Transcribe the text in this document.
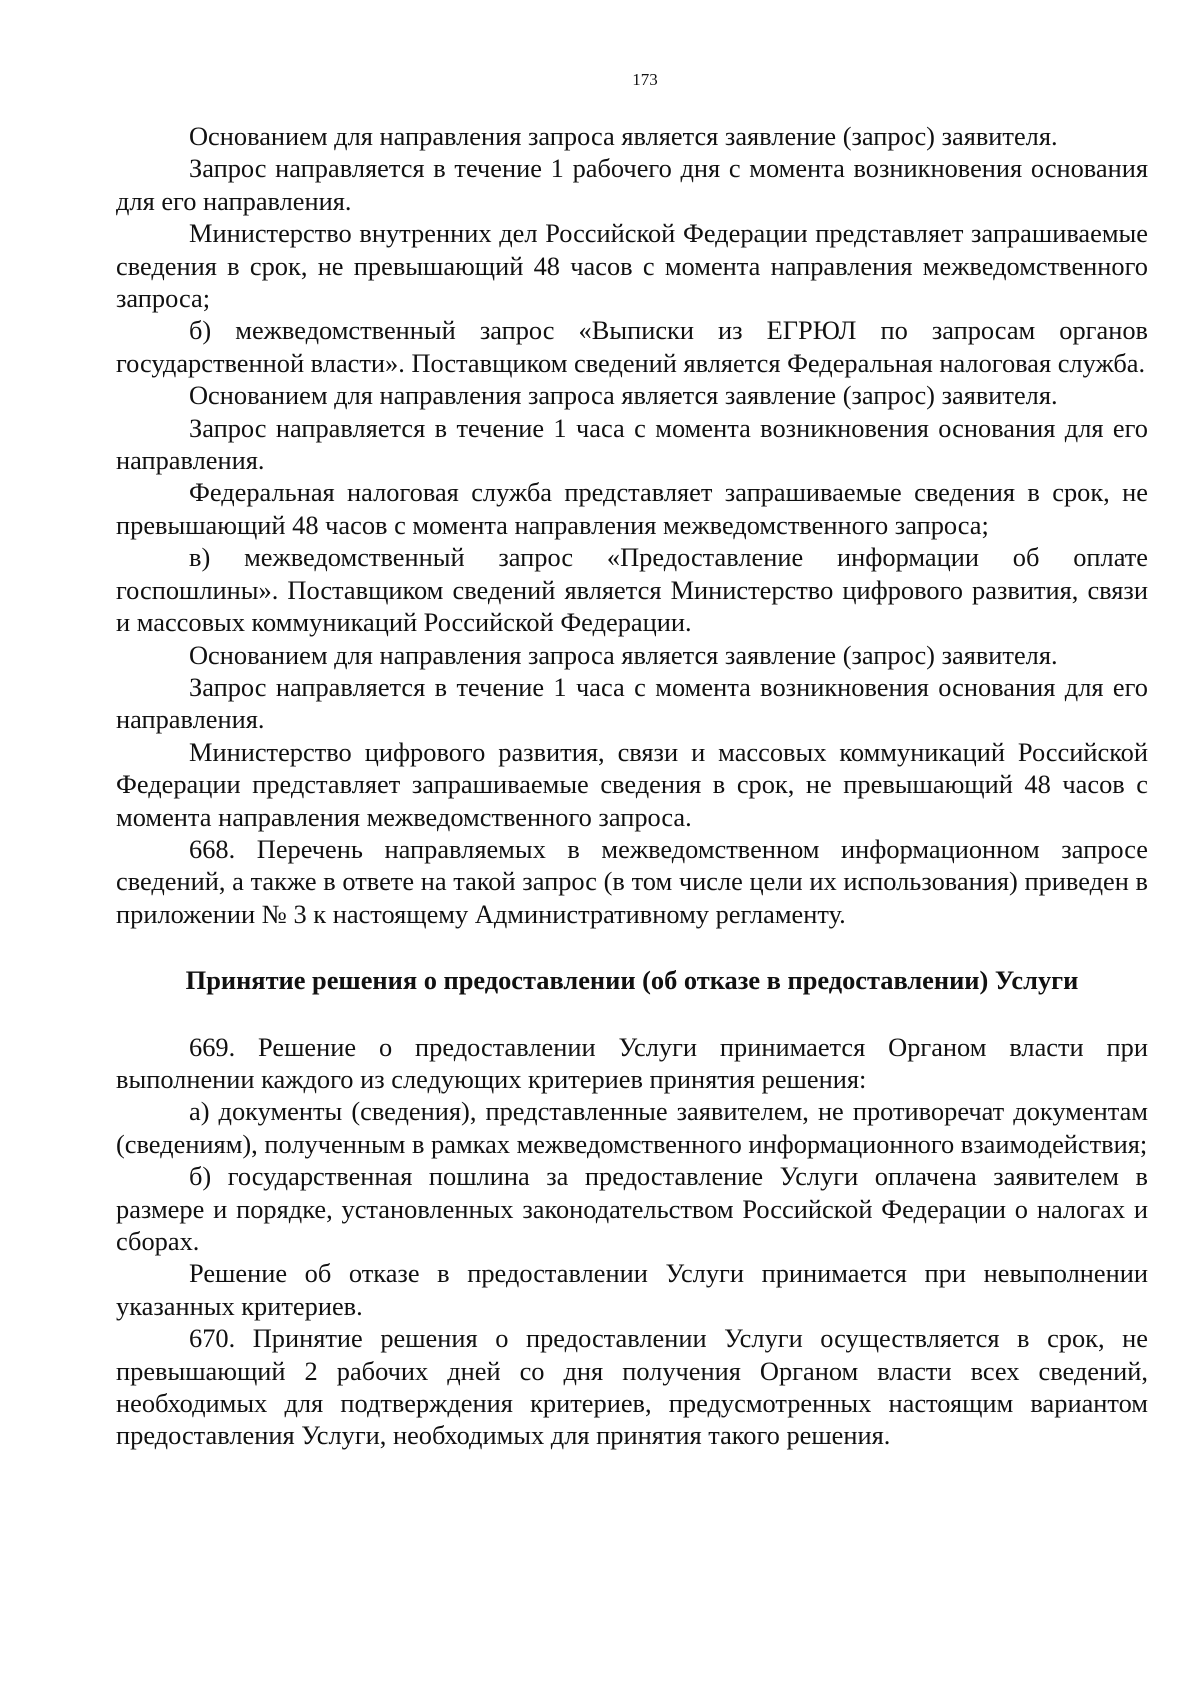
173

Основанием для направления запроса является заявление (запрос) заявителя.

Запрос направляется в течение 1 рабочего дня с момента возникновения основания для его направления.

Министерство внутренних дел Российской Федерации представляет запрашиваемые сведения в срок, не превышающий 48 часов с момента направления межведомственного запроса;

б) межведомственный запрос «Выписки из ЕГРЮЛ по запросам органов государственной власти». Поставщиком сведений является Федеральная налоговая служба.

Основанием для направления запроса является заявление (запрос) заявителя.

Запрос направляется в течение 1 часа с момента возникновения основания для его направления.

Федеральная налоговая служба представляет запрашиваемые сведения в срок, не превышающий 48 часов с момента направления межведомственного запроса;

в) межведомственный запрос «Предоставление информации об оплате госпошлины». Поставщиком сведений является Министерство цифрового развития, связи и массовых коммуникаций Российской Федерации.

Основанием для направления запроса является заявление (запрос) заявителя.

Запрос направляется в течение 1 часа с момента возникновения основания для его направления.

Министерство цифрового развития, связи и массовых коммуникаций Российской Федерации представляет запрашиваемые сведения в срок, не превышающий 48 часов с момента направления межведомственного запроса.

668. Перечень направляемых в межведомственном информационном запросе сведений, а также в ответе на такой запрос (в том числе цели их использования) приведен в приложении № 3 к настоящему Административному регламенту.

Принятие решения о предоставлении (об отказе в предоставлении) Услуги

669. Решение о предоставлении Услуги принимается Органом власти при выполнении каждого из следующих критериев принятия решения:

а) документы (сведения), представленные заявителем, не противоречат документам (сведениям), полученным в рамках межведомственного информационного взаимодействия;

б) государственная пошлина за предоставление Услуги оплачена заявителем в размере и порядке, установленных законодательством Российской Федерации о налогах и сборах.

Решение об отказе в предоставлении Услуги принимается при невыполнении указанных критериев.

670. Принятие решения о предоставлении Услуги осуществляется в срок, не превышающий 2 рабочих дней со дня получения Органом власти всех сведений, необходимых для подтверждения критериев, предусмотренных настоящим вариантом предоставления Услуги, необходимых для принятия такого решения.
